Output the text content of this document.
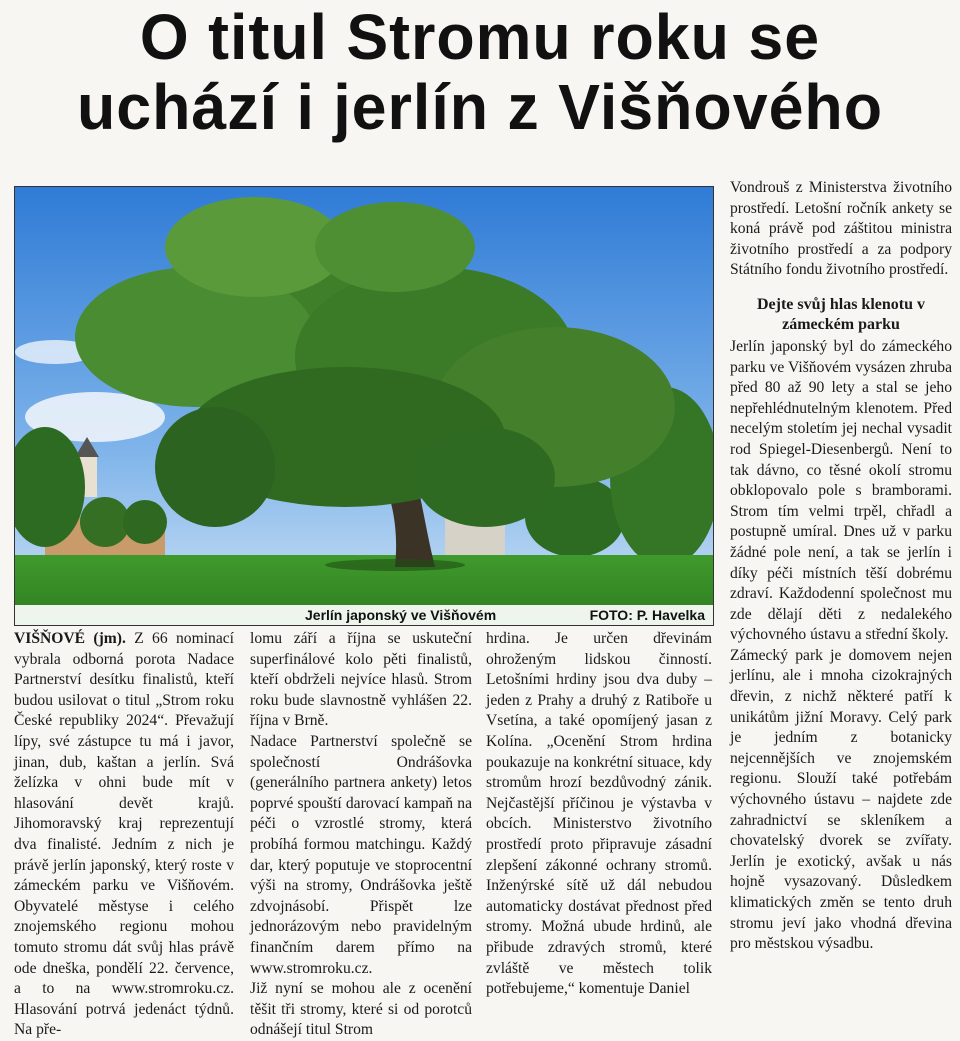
O titul Stromu roku se
uchází i jerlín z Višňového
Jerlín japonský ve Višňovém	FOTO: P. Havelka

VIŠŇOVÉ (jm). Z 66 nominací vybrala odborná porota Nadace Partnerství desítku finalistů, kteří budou usilovat o titul „Strom roku České republiky 2024“. Převažují lípy, své zástupce tu má i javor, jinan, dub, kaštan a jerlín. Svá želízka v ohni bude mít v hlasování devět krajů. Jihomoravský kraj reprezentují dva finalisté. Jedním z nich je právě jerlín japonský, který roste v zámeckém parku ve Višňovém. Obyvatelé městyse i celého znojemského regionu mohou tomuto stromu dát svůj hlas právě ode dneška, pondělí 22. července, a to na www.stromroku.cz. Hlasování potrvá jedenáct týdnů. Na pře-

lomu září a října se uskuteční superfinálové kolo pěti finalistů, kteří obdrželi nejvíce hlasů. Strom roku bude slavnostně vyhlášen 22. října v Brně.

Nadace Partnerství společně se společností Ondrášovka (generálního partnera ankety) letos poprvé spouští darovací kampaň na péči o vzrostlé stromy, která probíhá formou matchingu. Každý dar, který poputuje ve stoprocentní výši na stromy, Ondrášovka ještě zdvojnásobí. Přispět lze jednorázovým nebo pravidelným finančním darem přímo na www.stromroku.cz.

Již nyní se mohou ale z ocenění těšit tři stromy, které si od porotců odnášejí titul Strom

hrdina. Je určen dřevinám ohroženým lidskou činností. Letošními hrdiny jsou dva duby – jeden z Prahy a druhý z Ratiboře u Vsetína, a také opomíjený jasan z Kolína. „Ocenění Strom hrdina poukazuje na konkrétní situace, kdy stromům hrozí bezdůvodný zánik. Nejčastější příčinou je výstavba v obcích. Ministerstvo životního prostředí proto připravuje zásadní zlepšení zákonné ochrany stromů. Inženýrské sítě už dál nebudou automaticky dostávat přednost před stromy. Možná ubude hrdinů, ale přibude zdravých stromů, které zvláště ve městech tolik potřebujeme,“ komentuje Daniel

Vondrouš z Ministerstva životního prostředí. Letošní ročník ankety se koná právě pod záštitou ministra životního prostředí a za podpory Státního fondu životního prostředí.

Dejte svůj hlas klenotu v zámeckém parku

Jerlín japonský byl do zámeckého parku ve Višňovém vysázen zhruba před 80 až 90 lety a stal se jeho nepřehlédnutelným klenotem. Před necelým stoletím jej nechal vysadit rod Spiegel-Diesenbergů. Není to tak dávno, co těsné okolí stromu obklopovalo pole s bramborami. Strom tím velmi trpěl, chřadl a postupně umíral. Dnes už v parku žádné pole není, a tak se jerlín i díky péči místních těší dobrému zdraví. Každodenní společnost mu zde dělají děti z nedalekého výchovného ústavu a střední školy.

Zámecký park je domovem nejen jerlínu, ale i mnoha cizokrajných dřevin, z nichž některé patří k unikátům jižní Moravy. Celý park je jedním z botanicky nejcennějších ve znojemském regionu. Slouží také potřebám výchovného ústavu – najdete zde zahradnictví se skleníkem a chovatelský dvorek se zvířaty. Jerlín je exotický, avšak u nás hojně vysazovaný. Důsledkem klimatických změn se tento druh stromu jeví jako vhodná dřevina pro městskou výsadbu.
